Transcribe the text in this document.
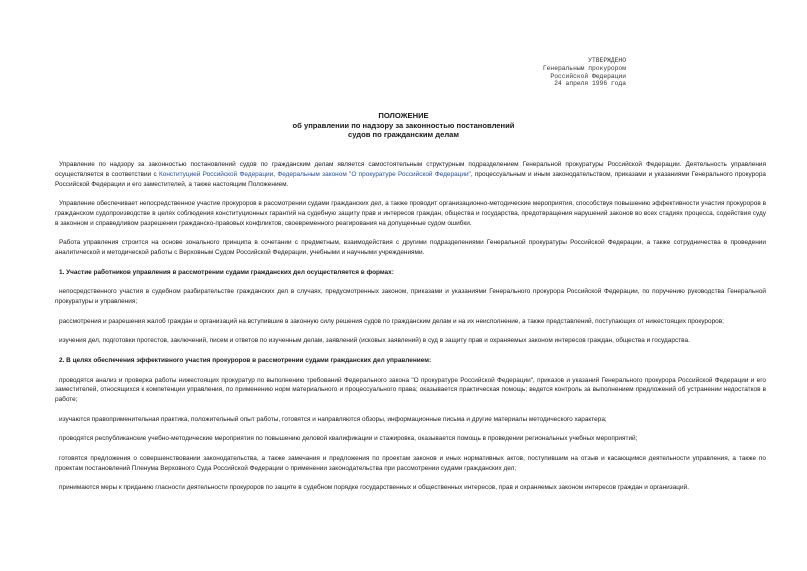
УТВЕРЖДЕНО
Генеральным прокурором
Российской Федерации
24 апреля 1996 года
ПОЛОЖЕНИЕ
об управлении по надзору за законностью постановлений
судов по гражданским делам

Управление по надзору за законностью постановлений судов по гражданским делам является самостоятельным структурным подразделением Генеральной прокуратуры Российской Федерации. Деятельность управления осуществляется в соответствии с Конституцией Российской Федерации, Федеральным законом "О прокуратуре Российской Федерации", процессуальным и иным законодательством, приказами и указаниями Генерального прокурора Российской Федерации и его заместителей, а также настоящим Положением.

Управление обеспечивает непосредственное участие прокуроров в рассмотрении судами гражданских дел, а также проводит организационно-методические мероприятия, способствуя повышению эффективности участия прокуроров в гражданском судопроизводстве в целях соблюдения конституционных гарантий на судебную защиту прав и интересов граждан, общества и государства, предотвращения нарушений законов во всех стадиях процесса, содействия суду в законном и справедливом разрешении гражданско-правовых конфликтов, своевременного реагирования на допущенные судом ошибки.

Работа управления строится на основе зонального принципа в сочетании с предметным, взаимодействия с другими подразделениями Генеральной прокуратуры Российской Федерации, а также сотрудничества в проведении аналитической и методической работы с Верховным Судом Российской Федерации, учебными и научными учреждениями.

1. Участие работников управления в рассмотрении судами гражданских дел осуществляется в формах:

непосредственного участия в судебном разбирательстве гражданских дел в случаях, предусмотренных законом, приказами и указаниями Генерального прокурора Российской Федерации, по поручению руководства Генеральной прокуратуры и управления;

рассмотрения и разрешения жалоб граждан и организаций на вступившие в законную силу решения судов по гражданским делам и на их неисполнение, а также представлений, поступающих от нижестоящих прокуроров;

изучения дел, подготовки протестов, заключений, писем и ответов по изученным делам, заявлений (исковых заявлений) в суд в защиту прав и охраняемых законом интересов граждан, общества и государства.

2. В целях обеспечения эффективного участия прокуроров в рассмотрении судами гражданских дел управлением:

проводятся анализ и проверка работы нижестоящих прокуратур по выполнению требований Федерального закона "О прокуратуре Российской Федерации", приказов и указаний Генерального прокурора Российской Федерации и его заместителей, относящихся к компетенции управления, по применению норм материального и процессуального права; оказывается практическая помощь; ведется контроль за выполнением предложений об устранении недостатков в работе;

изучаются правоприменительная практика, положительный опыт работы, готовятся и направляются обзоры, информационные письма и другие материалы методического характера;

проводятся республиканские учебно-методические мероприятия по повышению деловой квалификации и стажировка, оказывается помощь в проведении региональных учебных мероприятий;

готовятся предложения о совершенствовании законодательства, а также замечания и предложения по проектам законов и иных нормативных актов, поступившим на отзыв и касающимся деятельности управления, а также по проектам постановлений Пленума Верховного Суда Российской Федерации о применении законодательства при рассмотрении судами гражданских дел;

принимаются меры к приданию гласности деятельности прокуроров по защите в судебном порядке государственных и общественных интересов, прав и охраняемых законом интересов граждан и организаций.
